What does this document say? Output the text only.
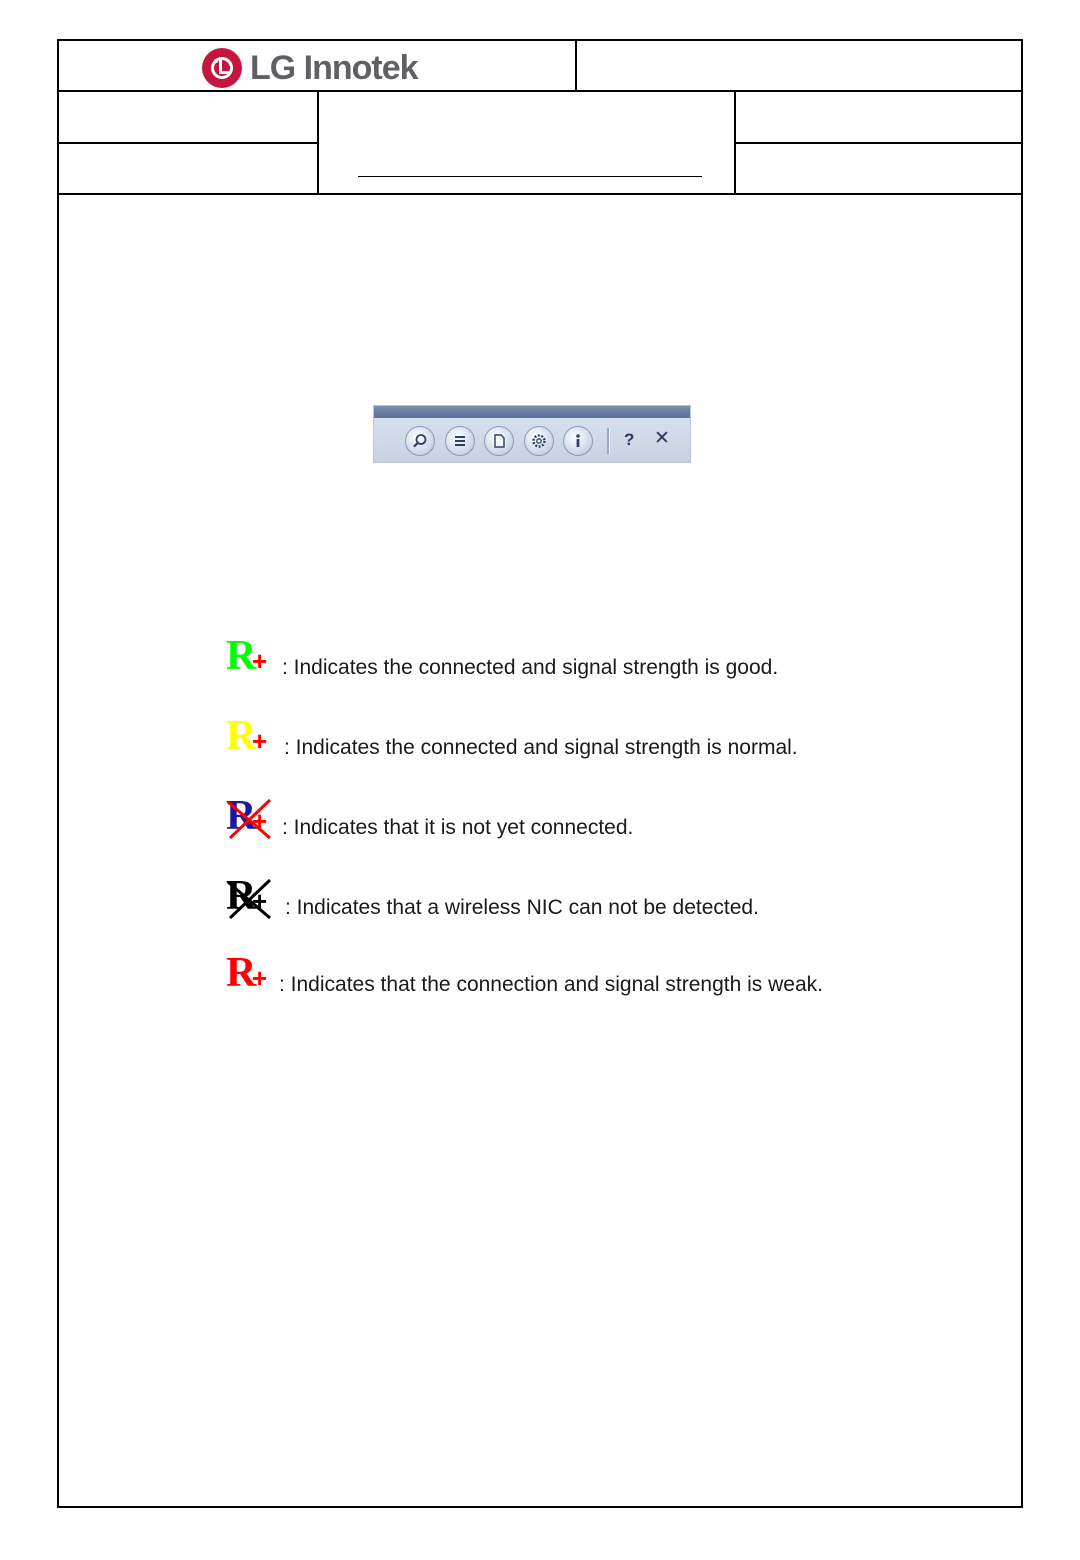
LG Innotek
? ✕
R
+ : Indicates the connected and signal strength is good.
R
+ : Indicates the connected and signal strength is normal.
R
+ : Indicates that it is not yet connected.
R
+ : Indicates that a wireless NIC can not be detected.
R
+ : Indicates that the connection and signal strength is weak.
